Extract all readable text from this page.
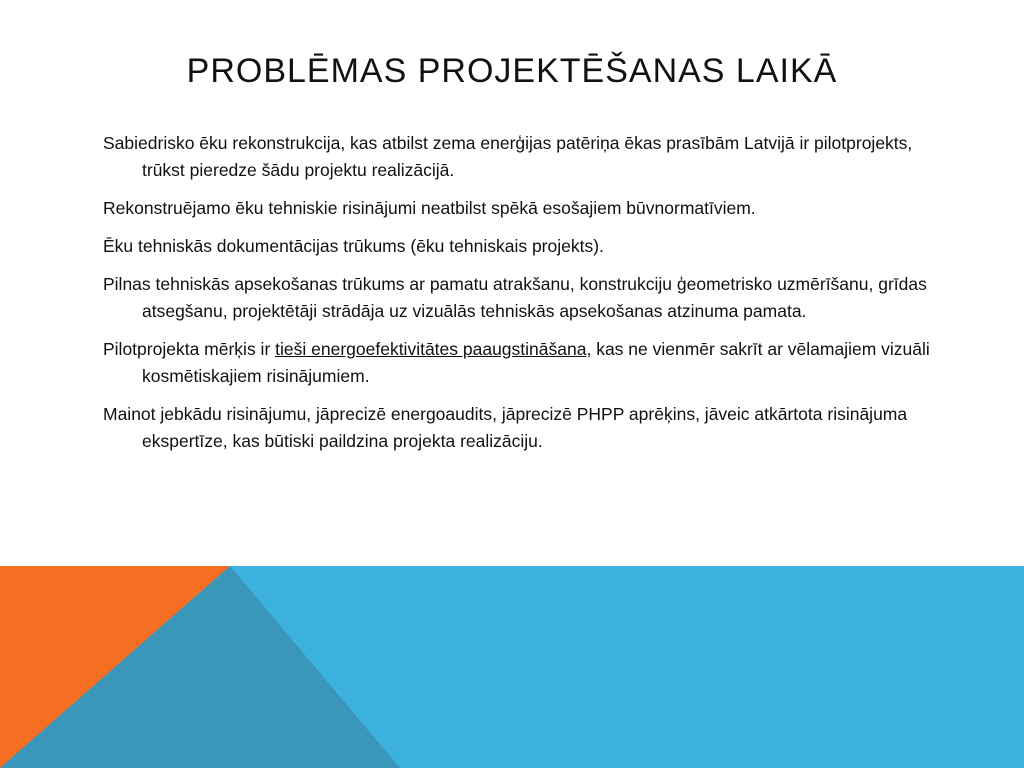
PROBLĒMAS PROJEKTĒŠANAS LAIKĀ
Sabiedrisko ēku rekonstrukcija, kas atbilst zema enerģijas patēriņa ēkas prasībām Latvijā ir pilotprojekts, trūkst pieredze šādu projektu realizācijā.
Rekonstruējamo ēku tehniskie risinājumi neatbilst spēkā esošajiem būvnormatīviem.
Ēku tehniskās dokumentācijas trūkums (ēku tehniskais projekts).
Pilnas tehniskās apsekošanas trūkums ar pamatu atrakšanu, konstrukciju ģeometrisko uzmērīšanu, grīdas atsegšanu, projektētāji strādāja uz vizuālās tehniskās apsekošanas atzinuma pamata.
Pilotprojekta mērķis ir tieši energoefektivitātes paaugstināšana, kas ne vienmēr sakrīt ar vēlamajiem vizuāli kosmētiskajiem risinājumiem.
Mainot jebkādu risinājumu, jāprecizē energoaudits, jāprecizē PHPP aprēķins, jāveic atkārtota risinājuma ekspertīze, kas būtiski paildzina projekta realizāciju.
